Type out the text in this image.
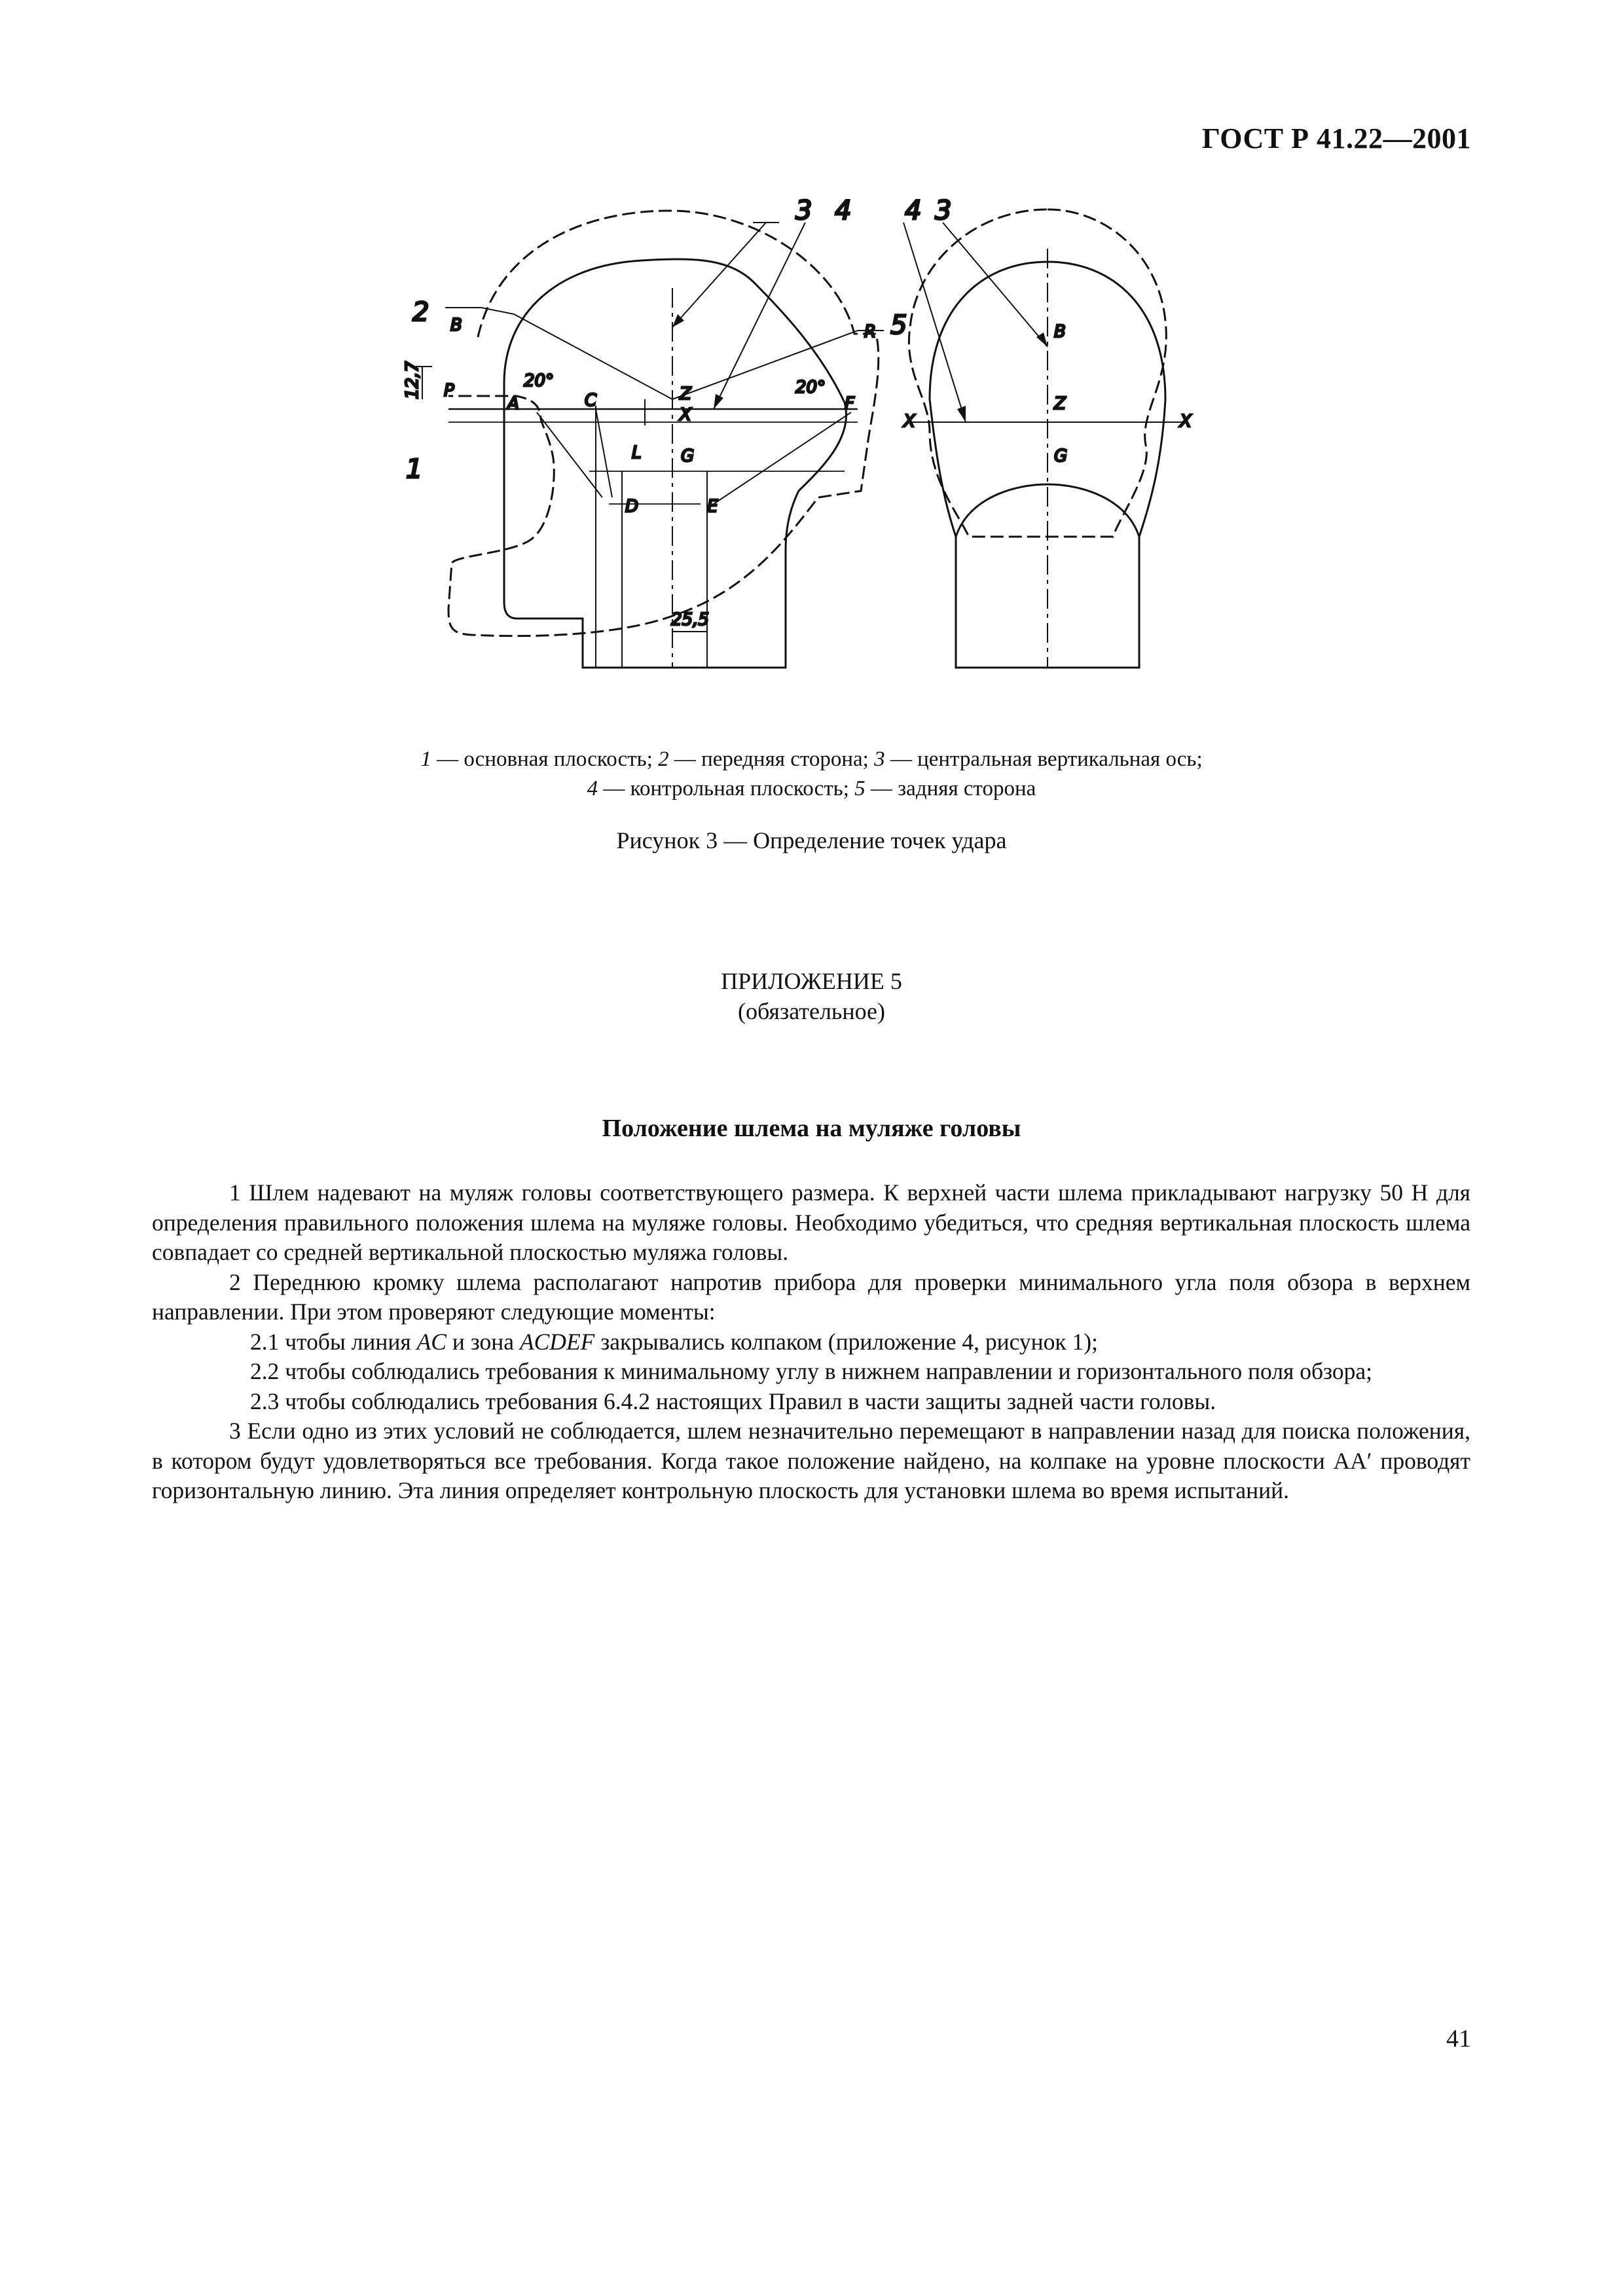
ГОСТ Р 41.22—2001
2
1
3 4
5
B
P
A
20°
C	Z
X
L G
D	E
F
R
20°
25,5
12,7
4 3
B
Z
G
X	X
1 — основная плоскость; 2 — передняя сторона; 3 — центральная вертикальная ось;
4 — контрольная плоскость; 5 — задняя сторона
Рисунок 3 — Определение точек удара
ПРИЛОЖЕНИЕ 5
(обязательное)
Положение шлема на муляже головы

1 Шлем надевают на муляж головы соответствующего размера. К верхней части шлема прикладывают нагрузку 50 Н для определения правильного положения шлема на муляже головы. Необходимо убедиться, что средняя вертикальная плоскость шлема совпадает со средней вертикальной плоскостью муляжа головы.

2 Переднюю кромку шлема располагают напротив прибора для проверки минимального угла поля обзора в верхнем направлении. При этом проверяют следующие моменты:

2.1 чтобы линия AC и зона ACDEF закрывались колпаком (приложение 4, рисунок 1);

2.2 чтобы соблюдались требования к минимальному углу в нижнем направлении и горизонтального поля обзора;

2.3 чтобы соблюдались требования 6.4.2 настоящих Правил в части защиты задней части головы.

3 Если одно из этих условий не соблюдается, шлем незначительно перемещают в направлении назад для поиска положения, в котором будут удовлетворяться все требования. Когда такое положение найдено, на колпаке на уровне плоскости AA′ проводят горизонтальную линию. Эта линия определяет контрольную плоскость для установки шлема во время испытаний.

41
